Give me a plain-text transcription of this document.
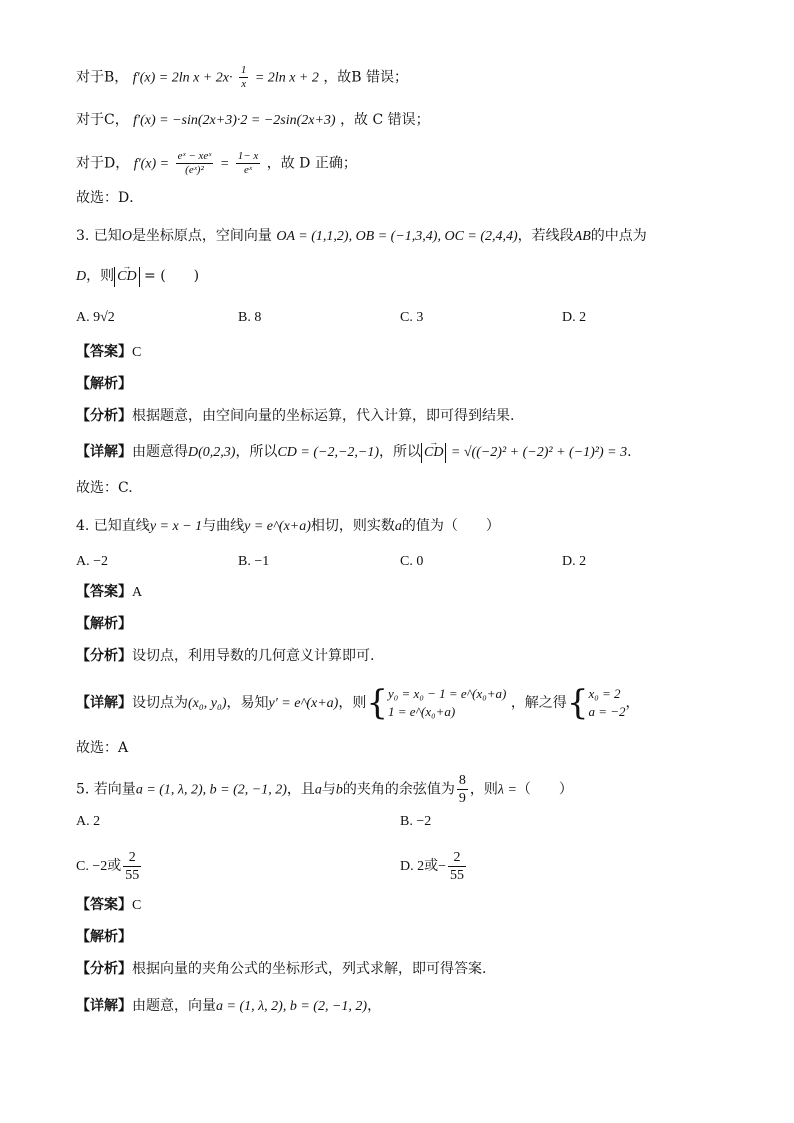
对于B， f′(x) = 2ln $x + 2x\cdot \frac{1}{x} = 2\ln$ x + 2 ，故B 错误；
对于C， f′(x) = −sin(2x+3)·2 = −2sin(2x+3) ，故 C 错误；
对于D， $f'(x) = \frac{\text{eˣ − xeˣ}}{\text{(eˣ)²}} = \frac{1- x}{\text{eˣ}}$ ，故 D 正确；
故选：D．
3. 已知O是坐标原点，空间向量 OA = (1,1,2), OB = (−1,3,4), OC = (2,4,4)，若线段AB的中点为
D，则 → CD = (　　)
A. 9√2	B. 8	C. 3	D. 2
【答案】C
【解析】
【分析】根据题意，由空间向量的坐标运算，代入计算，即可得到结果.
【详解】由题意得D(0,2,3)，所以CD = (−2,−2,−1)，所以 → CD = √((−2)² + (−2)² + (−1)²) = 3.
故选：C.
4. 已知直线y = x − 1与曲线y = e^(x+a)相切，则实数a的值为（　　）
A. −2	B. −1	C. 0	D. 2
【答案】A
【解析】
【分析】设切点，利用导数的几何意义计算即可.
【详解】设切点为(x₀, y₀)，易知y′ = e^(x+a)，则{ y₀ = x₀ − 1 = e^(x₀+a)
1 = e^(x₀+a)
，解之得{ x₀ = 2
a = −2
，
故选：A
5. 若向量a = (1, λ, 2), b = (2, −1, 2)，且a与b的夹角的余弦值为 $\frac{8}{9}$ ，则λ =（　　）
A. 2	B. −2
C. −2或 $\frac{2}{55}$	D. 2或− $\frac{2}{55}$
【答案】C
【解析】
【分析】根据向量的夹角公式的坐标形式，列式求解，即可得答案.
【详解】由题意，向量a = (1, λ, 2), b = (2, −1, 2)，
